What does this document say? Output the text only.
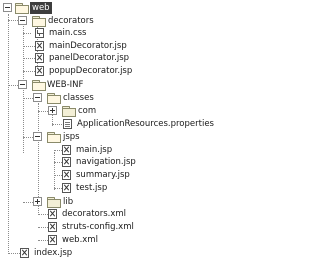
web
decorators
main.css
mainDecorator.jsp
panelDecorator.jsp
popupDecorator.jsp
WEB-INF
classes
com
ApplicationResources.properties
jsps
main.jsp
navigation.jsp
summary.jsp
test.jsp
lib
decorators.xml
struts-config.xml
web.xml
index.jsp
